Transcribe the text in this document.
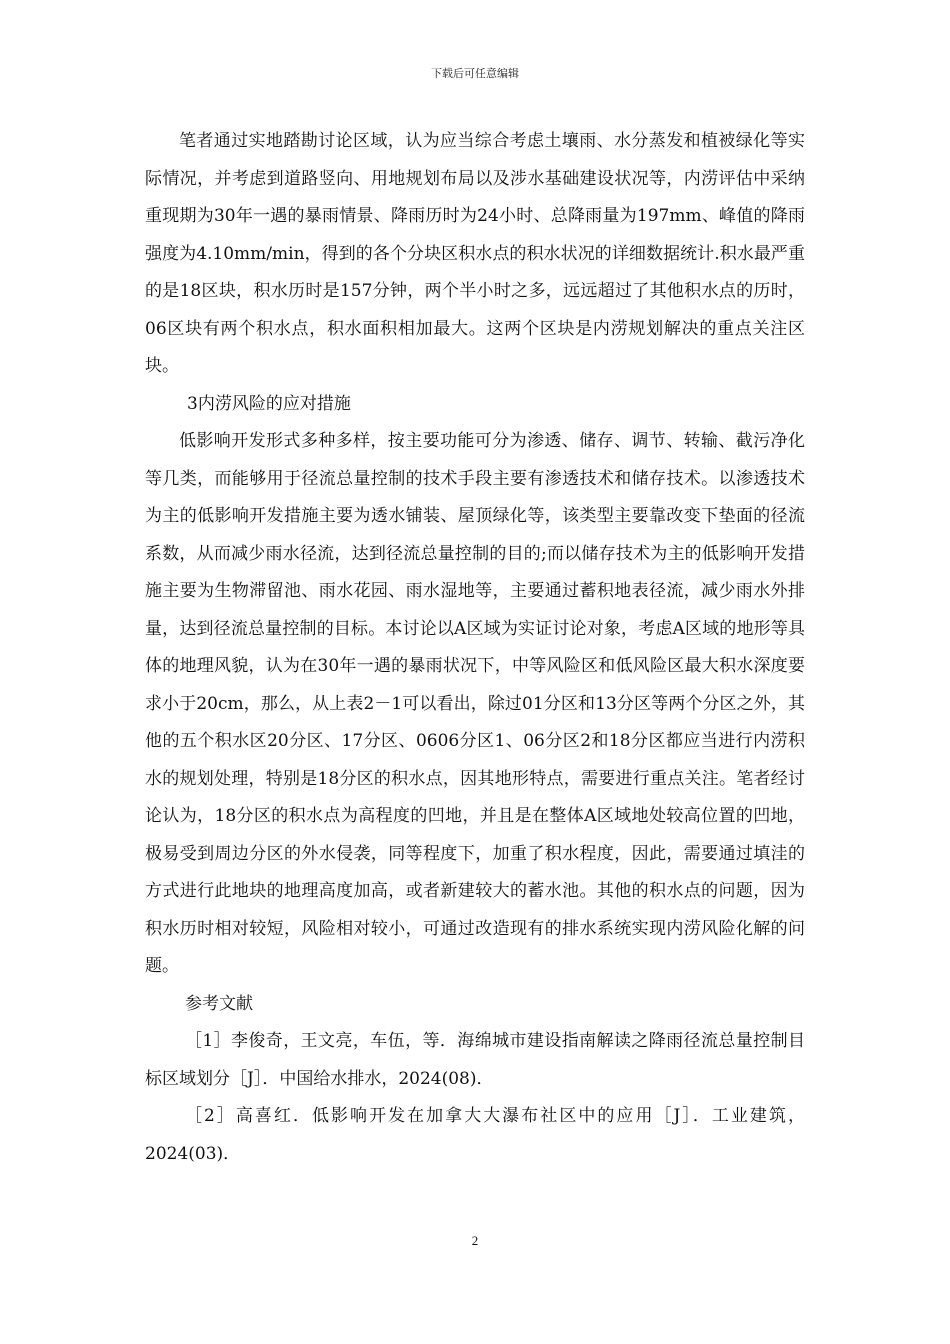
下载后可任意编辑

笔者通过实地踏勘讨论区域，认为应当综合考虑土壤雨、水分蒸发和植被绿化等实际情况，并考虑到道路竖向、用地规划布局以及涉水基础建设状况等，内涝评估中采纳重现期为30年一遇的暴雨情景、降雨历时为24小时、总降雨量为197mm、峰值的降雨强度为4.10mm/min，得到的各个分块区积水点的积水状况的详细数据统计.积水最严重的是18区块，积水历时是157分钟，两个半小时之多，远远超过了其他积水点的历时，06区块有两个积水点，积水面积相加最大。这两个区块是内涝规划解决的重点关注区块。

3内涝风险的应对措施

低影响开发形式多种多样，按主要功能可分为渗透、储存、调节、转输、截污净化等几类，而能够用于径流总量控制的技术手段主要有渗透技术和储存技术。以渗透技术为主的低影响开发措施主要为透水铺装、屋顶绿化等，该类型主要靠改变下垫面的径流系数，从而减少雨水径流，达到径流总量控制的目的;而以储存技术为主的低影响开发措施主要为生物滞留池、雨水花园、雨水湿地等，主要通过蓄积地表径流，减少雨水外排量，达到径流总量控制的目标。本讨论以A区域为实证讨论对象，考虑A区域的地形等具体的地理风貌，认为在30年一遇的暴雨状况下，中等风险区和低风险区最大积水深度要求小于20cm，那么，从上表2－1可以看出，除过01分区和13分区等两个分区之外，其他的五个积水区20分区、17分区、0606分区1、06分区2和18分区都应当进行内涝积水的规划处理，特别是18分区的积水点，因其地形特点，需要进行重点关注。笔者经讨论认为，18分区的积水点为高程度的凹地，并且是在整体A区域地处较高位置的凹地，极易受到周边分区的外水侵袭，同等程度下，加重了积水程度，因此，需要通过填洼的方式进行此地块的地理高度加高，或者新建较大的蓄水池。其他的积水点的问题，因为积水历时相对较短，风险相对较小，可通过改造现有的排水系统实现内涝风险化解的问题。

参考文献

［1］李俊奇，王文亮，车伍，等．海绵城市建设指南解读之降雨径流总量控制目标区域划分［J］．中国给水排水，2024(08)．

［2］高喜红．低影响开发在加拿大大瀑布社区中的应用［J］．工业建筑，2024(03)．

2
